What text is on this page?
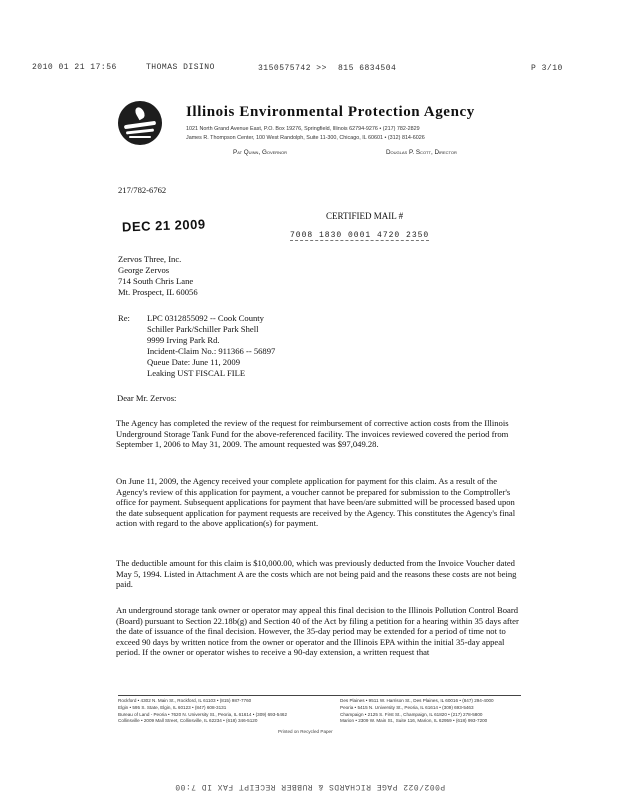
2010 01 21 17:56	THOMAS DISINO	3150575742 >> 815 6834504	P 3/10
Illinois Environmental Protection Agency
1021 North Grand Avenue East, P.O. Box 19276, Springfield, Illinois 62794-9276 • (217) 782-2829
James R. Thompson Center, 100 West Randolph, Suite 11-300, Chicago, IL 60601 • (312) 814-6026
Pat Quinn, Governor	Douglas P. Scott, Director
217/782-6762
DEC 21 2009
CERTIFIED MAIL #
7008 1830 0001 4720 2350
Zervos Three, Inc.
George Zervos
714 South Chris Lane
Mt. Prospect, IL 60056
Re: LPC 0312855092 -- Cook County
Schiller Park/Schiller Park Shell
9999 Irving Park Rd.
Incident-Claim No.: 911366 -- 56897
Queue Date: June 11, 2009
Leaking UST FISCAL FILE
Dear Mr. Zervos:

The Agency has completed the review of the request for reimbursement of corrective action costs from the Illinois Underground Storage Tank Fund for the above-referenced facility. The invoices reviewed covered the period from September 1, 2006 to May 31, 2009. The amount requested was $97,049.28.

On June 11, 2009, the Agency received your complete application for payment for this claim. As a result of the Agency's review of this application for payment, a voucher cannot be prepared for submission to the Comptroller's office for payment. Subsequent applications for payment that have been/are submitted will be processed based upon the date subsequent application for payment requests are received by the Agency. This constitutes the Agency's final action with regard to the above application(s) for payment.

The deductible amount for this claim is $10,000.00, which was previously deducted from the Invoice Voucher dated May 5, 1994. Listed in Attachment A are the costs which are not being paid and the reasons these costs are not being paid.

An underground storage tank owner or operator may appeal this final decision to the Illinois Pollution Control Board (Board) pursuant to Section 22.18b(g) and Section 40 of the Act by filing a petition for a hearing within 35 days after the date of issuance of the final decision. However, the 35-day period may be extended for a period of time not to exceed 90 days by written notice from the owner or operator and the Illinois EPA within the initial 35-day appeal period. If the owner or operator wishes to receive a 90-day extension, a written request that

Rockford • 4302 N. Main St., Rockford, IL 61103 • (815) 987-7760
Elgin • 595 S. State, Elgin, IL 60123 • (847) 608-3131
Bureau of Land - Peoria • 7620 N. University St., Peoria, IL 61614 • (309) 693-5462
Collinsville • 2009 Mall Street, Collinsville, IL 62234 • (618) 346-5120
Des Plaines • 9511 W. Harrison St., Des Plaines, IL 60016 • (847) 294-4000
Peoria • 5415 N. University St., Peoria, IL 61614 • (309) 693-5463
Champaign • 2125 S. First St., Champaign, IL 61820 • (217) 278-5800
Marion • 2309 W. Main St., Suite 116, Marion, IL 62959 • (618) 993-7200
Printed on Recycled Paper
P002/022 PAGE RICHARDS & RUBBER RECEIPT FAX ID 7:00
